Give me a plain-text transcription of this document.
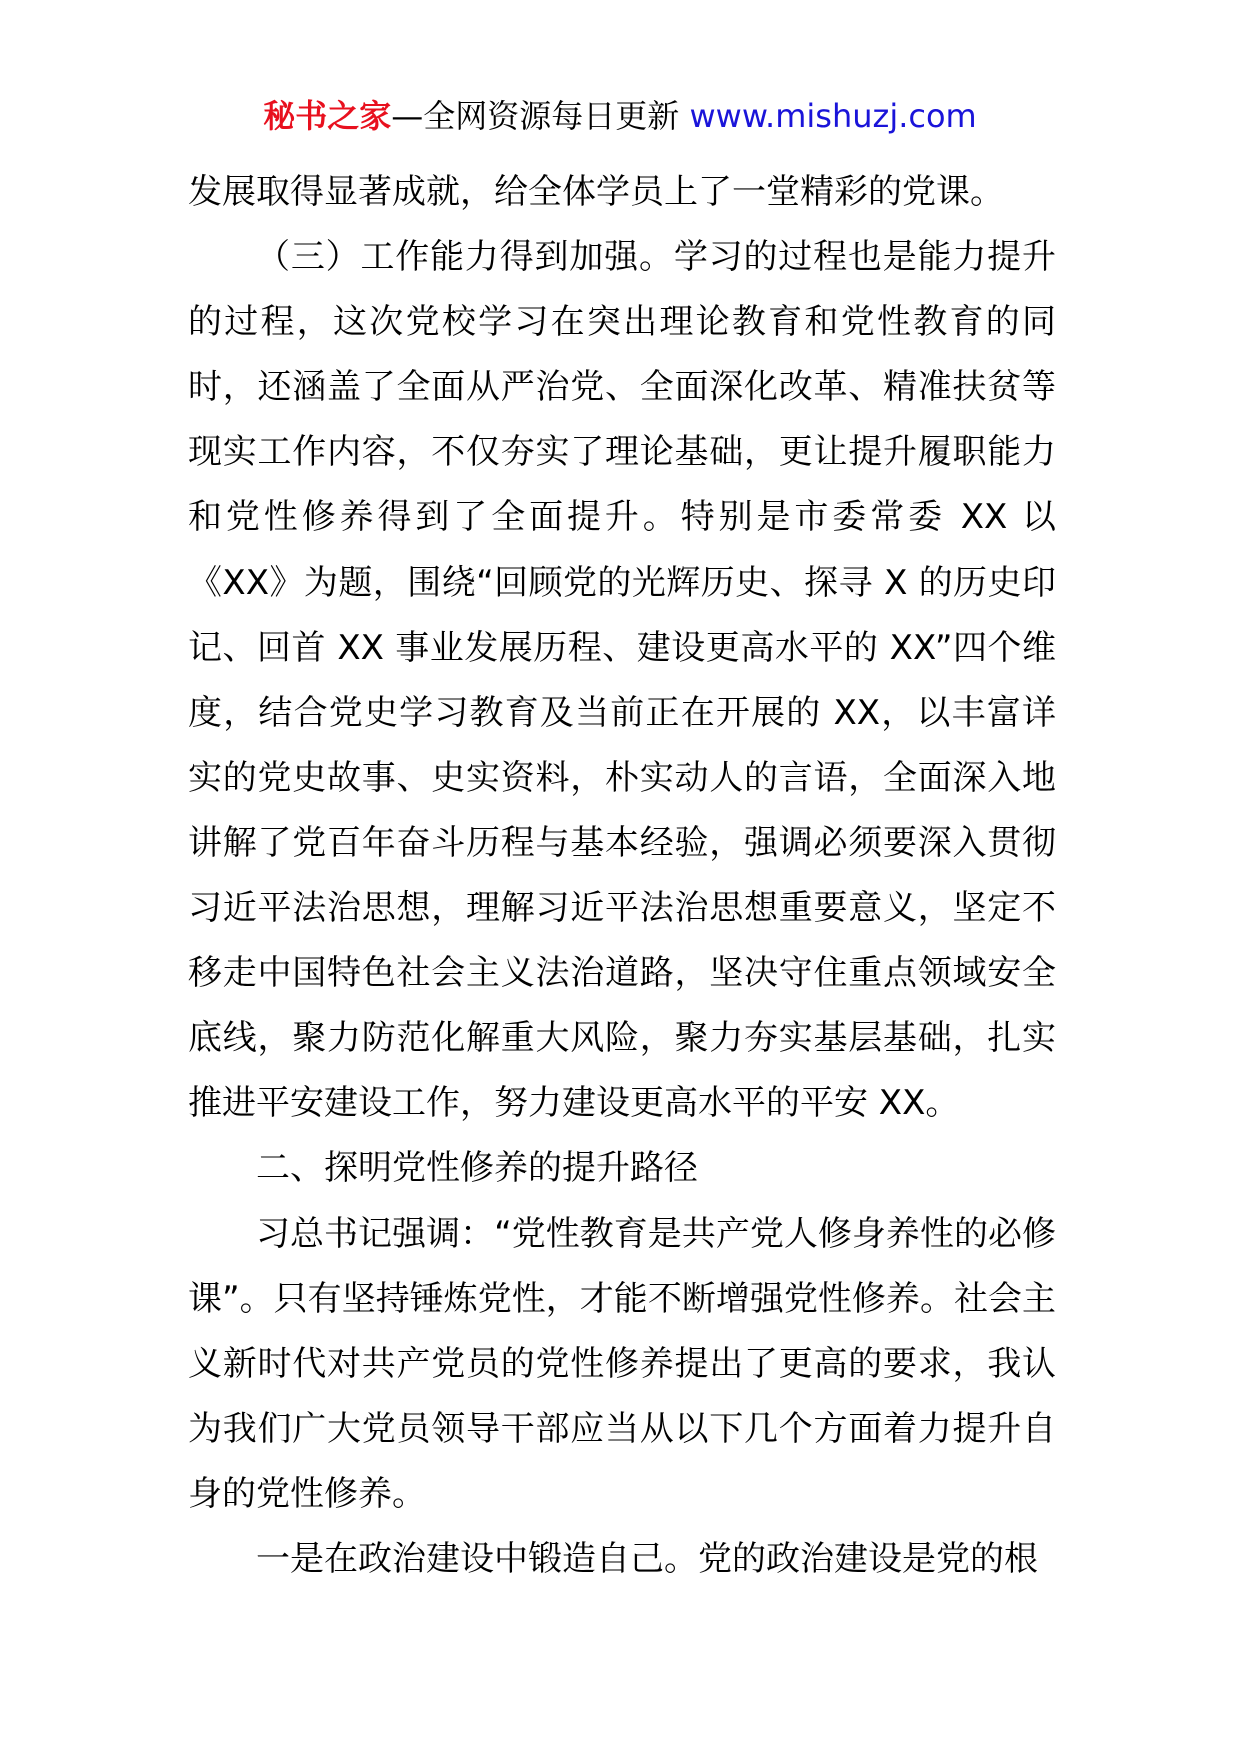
秘书之家—全网资源每日更新 www.mishuzj.com

发展取得显著成就，给全体学员上了一堂精彩的党课。

（三）工作能力得到加强。学习的过程也是能力提升的过程，这次党校学习在突出理论教育和党性教育的同时，还涵盖了全面从严治党、全面深化改革、精准扶贫等现实工作内容，不仅夯实了理论基础，更让提升履职能力和党性修养得到了全面提升。特别是市委常委 XX 以《XX》为题，围绕“回顾党的光辉历史、探寻 X 的历史印记、回首 XX 事业发展历程、建设更高水平的 XX”四个维度，结合党史学习教育及当前正在开展的 XX，以丰富详实的党史故事、史实资料，朴实动人的言语，全面深入地讲解了党百年奋斗历程与基本经验，强调必须要深入贯彻习近平法治思想，理解习近平法治思想重要意义，坚定不移走中国特色社会主义法治道路，坚决守住重点领域安全底线，聚力防范化解重大风险，聚力夯实基层基础，扎实推进平安建设工作，努力建设更高水平的平安 XX。

二、探明党性修养的提升路径

习总书记强调：“党性教育是共产党人修身养性的必修课”。只有坚持锤炼党性，才能不断增强党性修养。社会主义新时代对共产党员的党性修养提出了更高的要求，我认为我们广大党员领导干部应当从以下几个方面着力提升自身的党性修养。

一是在政治建设中锻造自己。党的政治建设是党的根
